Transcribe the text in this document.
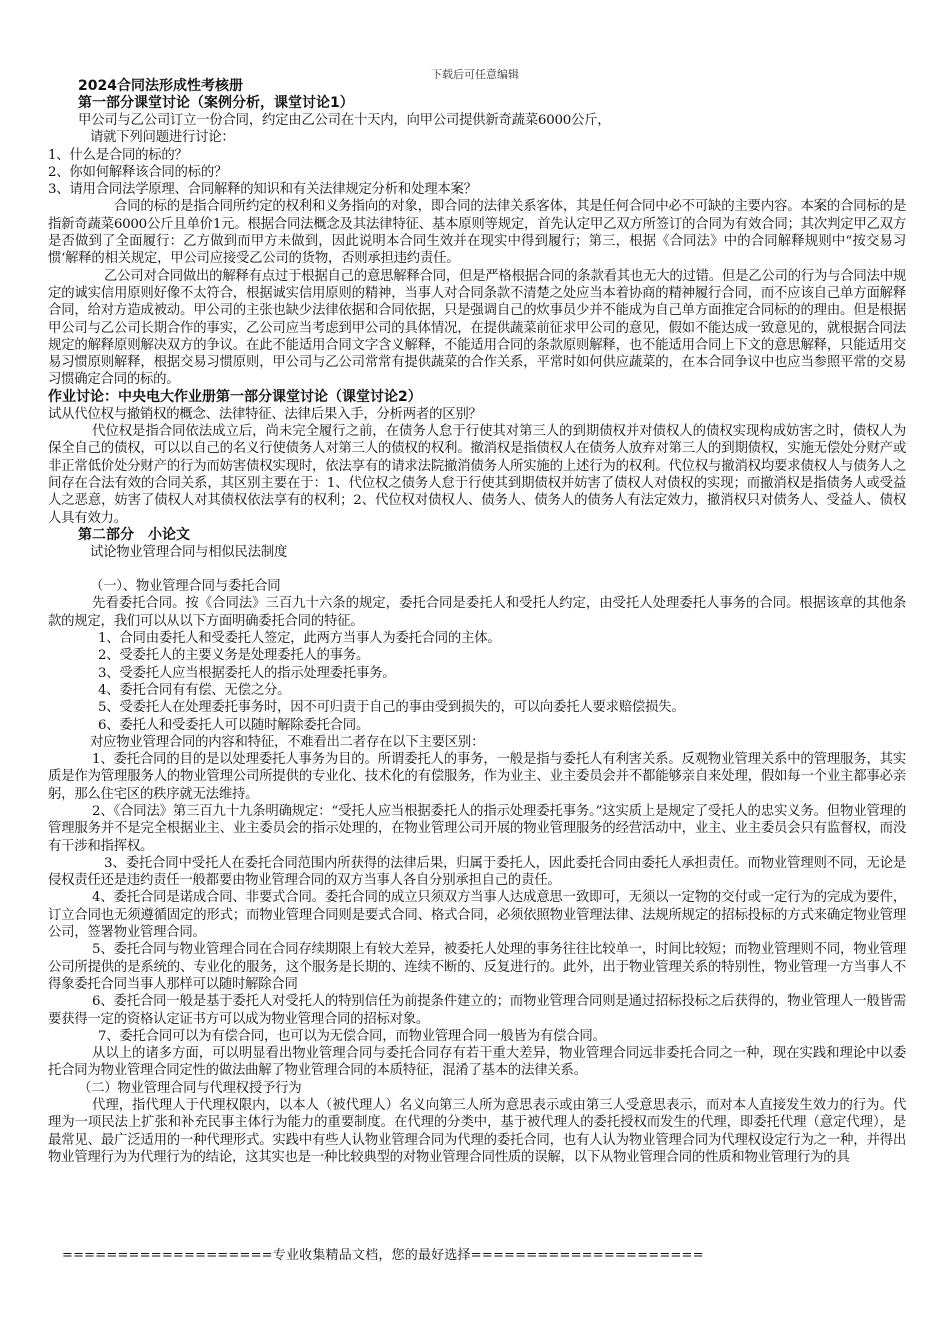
下载后可任意编辑

2024合同法形成性考核册

第一部分课堂讨论（案例分析，课堂讨论1）

甲公司与乙公司订立一份合同，约定由乙公司在十天内，向甲公司提供新奇蔬菜6000公斤，

请就下列问题进行讨论：

1、什么是合同的标的？

2、你如何解释该合同的标的？

3、请用合同法学原理、合同解释的知识和有关法律规定分析和处理本案？

合同的标的是指合同所约定的权利和义务指向的对象，即合同的法律关系客体，其是任何合同中必不可缺的主要内容。本案的合同标的是指新奇蔬菜6000公斤且单价1元。根据合同法概念及其法律特征、基本原则等规定，首先认定甲乙双方所签订的合同为有效合同；其次判定甲乙双方是否做到了全面履行：乙方做到而甲方未做到，因此说明本合同生效并在现实中得到履行；第三，根据《合同法》中的合同解释规则中“按交易习惯‘解释的相关规定，甲公司应接受乙公司的货物，否则承担违约责任。

乙公司对合同做出的解释有点过于根据自己的意思解释合同，但是严格根据合同的条款看其也无大的过错。但是乙公司的行为与合同法中规定的诚实信用原则好像不太符合，根据诚实信用原则的精神，当事人对合同条款不清楚之处应当本着协商的精神履行合同，而不应该自己单方面解释合同，给对方造成被动。甲公司的主张也缺少法律依据和合同依据，只是强调自己的炊事员少并不能成为自己单方面推定合同标的的理由。但是根据甲公司与乙公司长期合作的事实，乙公司应当考虑到甲公司的具体情况，在提供蔬菜前征求甲公司的意见，假如不能达成一致意见的，就根据合同法规定的解释原则解决双方的争议。在此不能适用合同文字含义解释，不能适用合同的条款原则解释，也不能适用合同上下文的意思解释，只能适用交易习惯原则解释，根据交易习惯原则，甲公司与乙公司常常有提供蔬菜的合作关系，平常时如何供应蔬菜的，在本合同争议中也应当参照平常的交易习惯确定合同的标的。

作业讨论：中央电大作业册第一部分课堂讨论（课堂讨论2）

试从代位权与撤销权的概念、法律特征、法律后果入手，分析两者的区别？

代位权是指合同依法成立后，尚未完全履行之前，在债务人怠于行使其对第三人的到期债权并对债权人的债权实现构成妨害之时，债权人为保全自己的债权，可以以自己的名义行使债务人对第三人的债权的权利。撤消权是指债权人在债务人放弃对第三人的到期债权，实施无偿处分财产或非正常低价处分财产的行为而妨害债权实现时，依法享有的请求法院撤消债务人所实施的上述行为的权利。代位权与撤消权均要求债权人与债务人之间存在合法有效的合同关系，其区别主要在于：1、代位权之债务人怠于行使其到期债权并妨害了债权人对债权的实现；而撤消权是指债务人或受益人之恶意，妨害了债权人对其债权依法享有的权利；2、代位权对债权人、债务人、债务人的债务人有法定效力，撤消权只对债务人、受益人、债权人具有效力。

第二部分　小论文

试论物业管理合同与相似民法制度

（一）、物业管理合同与委托合同

先看委托合同。按《合同法》三百九十六条的规定，委托合同是委托人和受托人约定，由受托人处理委托人事务的合同。根据该章的其他条款的规定，我们可以从以下方面明确委托合同的特征。

1、合同由委托人和受委托人签定，此两方当事人为委托合同的主体。

2、受委托人的主要义务是处理委托人的事务。

3、受委托人应当根据委托人的指示处理委托事务。

4、委托合同有有偿、无偿之分。

5、受委托人在处理委托事务时，因不可归责于自己的事由受到损失的，可以向委托人要求赔偿损失。

6、委托人和受委托人可以随时解除委托合同。

对应物业管理合同的内容和特征，不难看出二者存在以下主要区别：

1、委托合同的目的是以处理委托人事务为目的。所谓委托人的事务，一般是指与委托人有利害关系。反观物业管理关系中的管理服务，其实质是作为管理服务人的物业管理公司所提供的专业化、技术化的有偿服务，作为业主、业主委员会并不都能够亲自来处理，假如每一个业主都事必亲躬，那么住宅区的秩序就无法维持。

2、《合同法》第三百九十九条明确规定：“受托人应当根据委托人的指示处理委托事务。”这实质上是规定了受托人的忠实义务。但物业管理的管理服务并不是完全根据业主、业主委员会的指示处理的，在物业管理公司开展的物业管理服务的经营活动中，业主、业主委员会只有监督权，而没有干涉和指挥权。

3、委托合同中受托人在委托合同范围内所获得的法律后果，归属于委托人，因此委托合同由委托人承担责任。而物业管理则不同，无论是侵权责任还是违约责任一般都要由物业管理合同的双方当事人各自分别承担自己的责任。

4、委托合同是诺成合同、非要式合同。委托合同的成立只须双方当事人达成意思一致即可，无须以一定物的交付或一定行为的完成为要件，订立合同也无须遵循固定的形式；而物业管理合同则是要式合同、格式合同，必须依照物业管理法律、法规所规定的招标投标的方式来确定物业管理公司，签署物业管理合同。

5、委托合同与物业管理合同在合同存续期限上有较大差异，被委托人处理的事务往往比较单一，时间比较短；而物业管理则不同，物业管理公司所提供的是系统的、专业化的服务，这个服务是长期的、连续不断的、反复进行的。此外，出于物业管理关系的特别性，物业管理一方当事人不得象委托合同当事人那样可以随时解除合同

6、委托合同一般是基于委托人对受托人的特别信任为前提条件建立的；而物业管理合同则是通过招标投标之后获得的，物业管理人一般皆需要获得一定的资格认定证书方可以成为物业管理合同的招标对象。

7、委托合同可以为有偿合同，也可以为无偿合同，而物业管理合同一般皆为有偿合同。

从以上的诸多方面，可以明显看出物业管理合同与委托合同存有若干重大差异，物业管理合同远非委托合同之一种，现在实践和理论中以委托合同为物业管理合同定性的做法曲解了物业管理合同的本质特征，混淆了基本的法律关系。

（二）物业管理合同与代理权授予行为

代理，指代理人于代理权限内，以本人（被代理人）名义向第三人所为意思表示或由第三人受意思表示，而对本人直接发生效力的行为。代理为一项民法上扩张和补充民事主体行为能力的重要制度。在代理的分类中，基于被代理人的委托授权而发生的代理，即委托代理（意定代理），是最常见、最广泛适用的一种代理形式。实践中有些人认物业管理合同为代理的委托合同，也有人认为物业管理合同为代理权设定行为之一种，并得出物业管理行为为代理行为的结论，这其实也是一种比较典型的对物业管理合同性质的误解，以下从物业管理合同的性质和物业管理行为的具

===================专业收集精品文档，您的最好选择=====================
